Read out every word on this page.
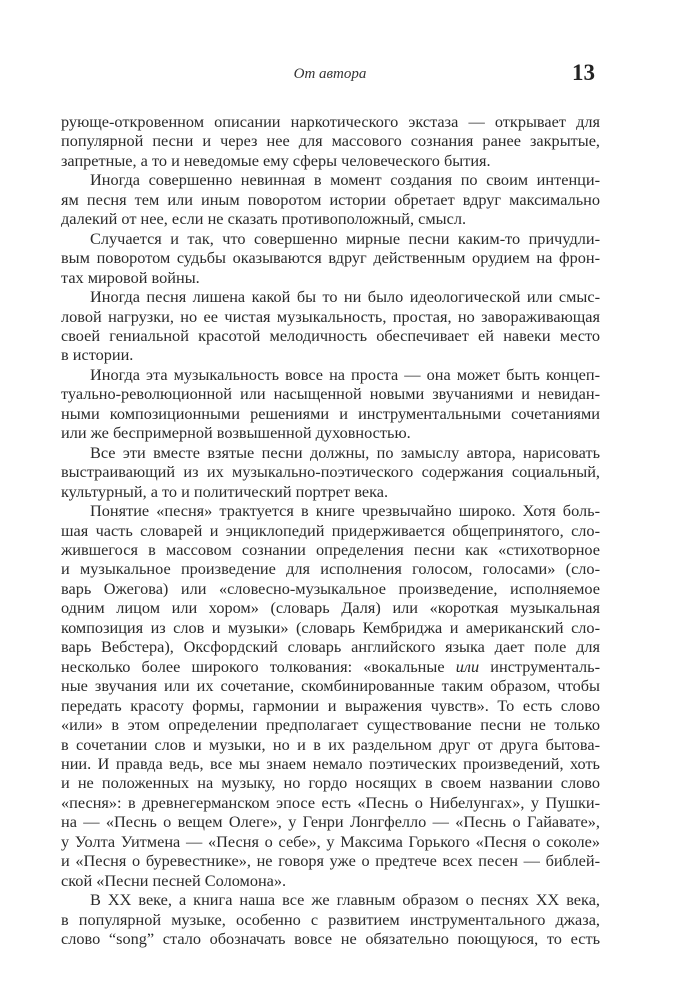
От автора	13
рующе-откровенном описании наркотического экстаза — открывает для
популярной песни и через нее для массового сознания ранее закрытые,
запретные, а то и неведомые ему сферы человеческого бытия.
Иногда совершенно невинная в момент создания по своим интенци-
ям песня тем или иным поворотом истории обретает вдруг максимально
далекий от нее, если не сказать противоположный, смысл.
Случается и так, что совершенно мирные песни каким-то причудли-
вым поворотом судьбы оказываются вдруг действенным орудием на фрон-
тах мировой войны.
Иногда песня лишена какой бы то ни было идеологической или смыс-
ловой нагрузки, но ее чистая музыкальность, простая, но завораживающая
своей гениальной красотой мелодичность обеспечивает ей навеки место
в истории.
Иногда эта музыкальность вовсе на проста — она может быть концеп-
туально-революционной или насыщенной новыми звучаниями и невидан-
ными композиционными решениями и инструментальными сочетаниями
или же беспримерной возвышенной духовностью.
Все эти вместе взятые песни должны, по замыслу автора, нарисовать
выстраивающий из их музыкально-поэтического содержания социальный,
культурный, а то и политический портрет века.
Понятие «песня» трактуется в книге чрезвычайно широко. Хотя боль-
шая часть словарей и энциклопедий придерживается общепринятого, сло-
жившегося в массовом сознании определения песни как «стихотворное
и музыкальное произведение для исполнения голосом, голосами» (сло-
варь Ожегова) или «словесно-музыкальное произведение, исполняемое
одним лицом или хором» (словарь Даля) или «короткая музыкальная
композиция из слов и музыки» (словарь Кембриджа и американский сло-
варь Вебстера), Оксфордский словарь английского языка дает поле для
несколько более широкого толкования: «вокальные или инструменталь-
ные звучания или их сочетание, скомбинированные таким образом, чтобы
передать красоту формы, гармонии и выражения чувств». То есть слово
«или» в этом определении предполагает существование песни не только
в сочетании слов и музыки, но и в их раздельном друг от друга бытова-
нии. И правда ведь, все мы знаем немало поэтических произведений, хоть
и не положенных на музыку, но гордо носящих в своем названии слово
«песня»: в древнегерманском эпосе есть «Песнь о Нибелунгах», у Пушки-
на — «Песнь о вещем Олеге», у Генри Лонгфелло — «Песнь о Гайавате»,
у Уолта Уитмена — «Песня о себе», у Максима Горького «Песня о соколе»
и «Песня о буревестнике», не говоря уже о предтече всех песен — библей-
ской «Песни песней Соломона».
В XX веке, а книга наша все же главным образом о песнях XX века,
в популярной музыке, особенно с развитием инструментального джаза,
слово “song” стало обозначать вовсе не обязательно поющуюся, то есть
